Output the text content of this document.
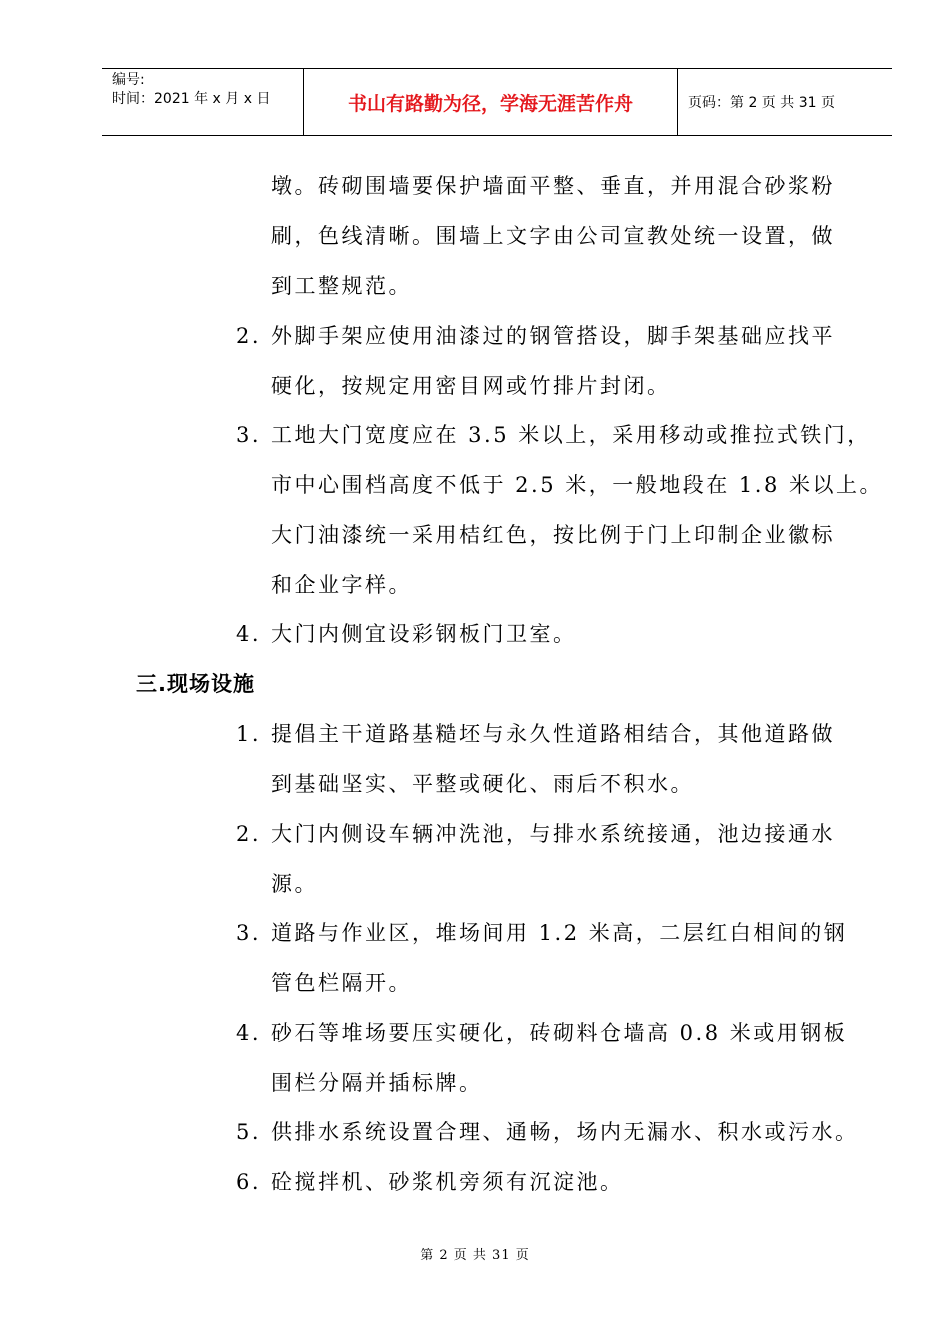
编号:
时间：2021 年 x 月 x 日	书山有路勤为径，学海无涯苦作舟	页码：第 2 页 共 31 页
墩。砖砌围墙要保护墙面平整、垂直，并用混合砂浆粉
刷，色线清晰。围墙上文字由公司宣教处统一设置，做
到工整规范。
2. 外脚手架应使用油漆过的钢管搭设，脚手架基础应找平
硬化，按规定用密目网或竹排片封闭。
3. 工地大门宽度应在 3.5 米以上，采用移动或推拉式铁门，
市中心围档高度不低于 2.5 米，一般地段在 1.8 米以上。
大门油漆统一采用桔红色，按比例于门上印制企业徽标
和企业字样。
4. 大门内侧宜设彩钢板门卫室。
三.现场设施
1. 提倡主干道路基糙坯与永久性道路相结合，其他道路做
到基础坚实、平整或硬化、雨后不积水。
2. 大门内侧设车辆冲洗池，与排水系统接通，池边接通水
源。
3. 道路与作业区，堆场间用 1.2 米高，二层红白相间的钢
管色栏隔开。
4. 砂石等堆场要压实硬化，砖砌料仓墙高 0.8 米或用钢板
围栏分隔并插标牌。
5. 供排水系统设置合理、通畅，场内无漏水、积水或污水。
6. 砼搅拌机、砂浆机旁须有沉淀池。
第 2 页 共 31 页
